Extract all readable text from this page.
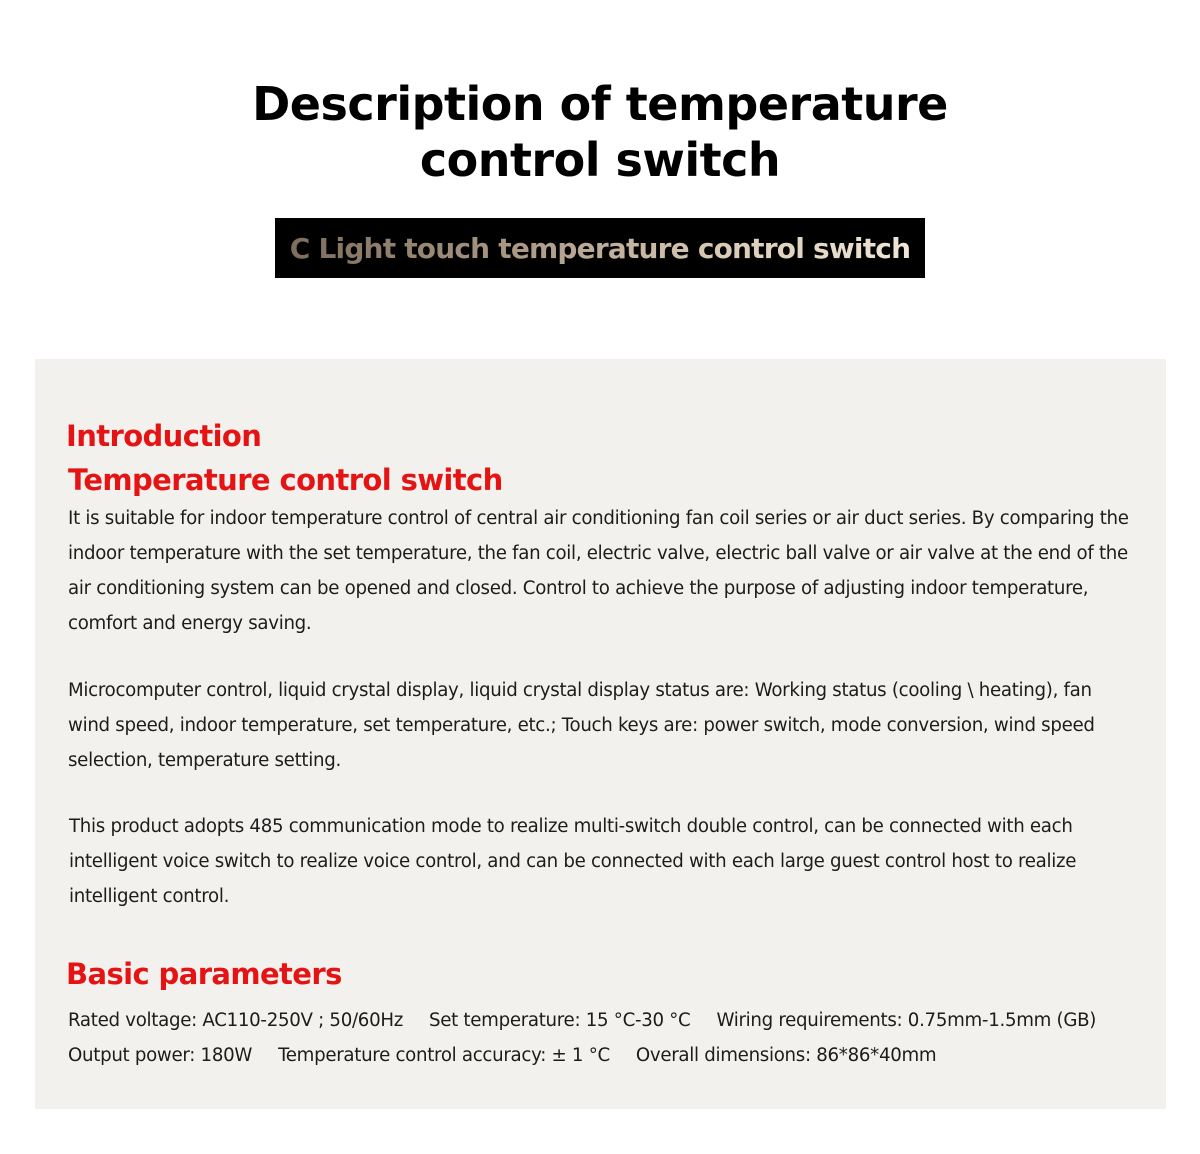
Description of temperature
control switch
C Light touch temperature control switch
Introduction
Temperature control switch

It is suitable for indoor temperature control of central air conditioning fan coil series or air duct series. By comparing the indoor temperature with the set temperature, the fan coil, electric valve, electric ball valve or air valve at the end of the air conditioning system can be opened and closed. Control to achieve the purpose of adjusting indoor temperature, comfort and energy saving.

Microcomputer control, liquid crystal display, liquid crystal display status are: Working status (cooling \ heating), fan wind speed, indoor temperature, set temperature, etc.; Touch keys are: power switch, mode conversion, wind speed selection, temperature setting.

This product adopts 485 communication mode to realize multi-switch double control, can be connected with each intelligent voice switch to realize voice control, and can be connected with each large guest control host to realize intelligent control.

Basic parameters
Rated voltage: AC110-250V ; 50/60Hz Set temperature: 15 °C-30 °C Wiring requirements: 0.75mm-1.5mm (GB)
Output power: 180W Temperature control accuracy: ± 1 °C Overall dimensions: 86*86*40mm
